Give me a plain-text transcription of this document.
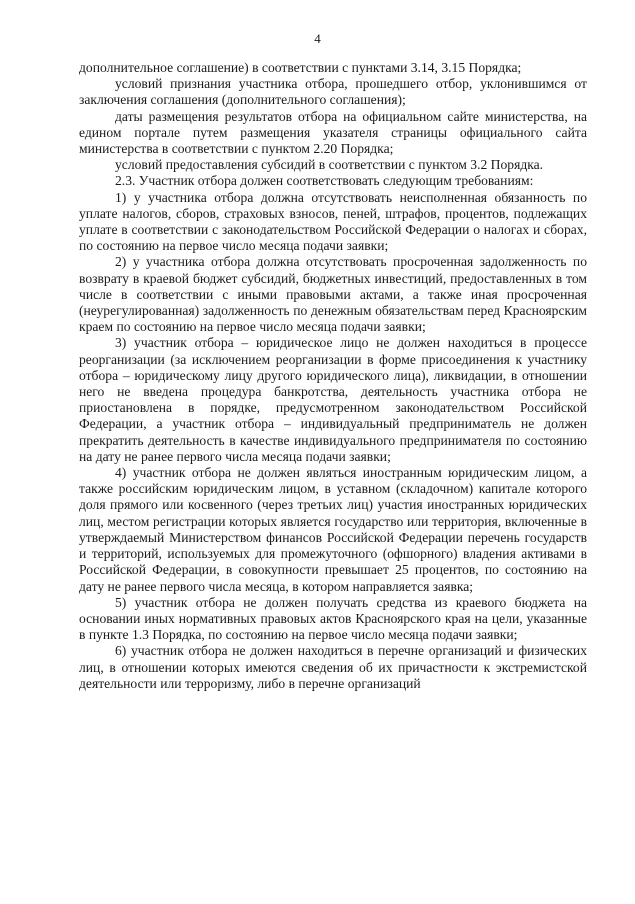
4

дополнительное соглашение) в соответствии с пунктами 3.14, 3.15 Порядка;

условий признания участника отбора, прошедшего отбор, уклонившимся от заключения соглашения (дополнительного соглашения);

даты размещения результатов отбора на официальном сайте министерства, на едином портале путем размещения указателя страницы официального сайта министерства в соответствии с пунктом 2.20 Порядка;

условий предоставления субсидий в соответствии с пунктом 3.2 Порядка.

2.3. Участник отбора должен соответствовать следующим требованиям:

1) у участника отбора должна отсутствовать неисполненная обязанность по уплате налогов, сборов, страховых взносов, пеней, штрафов, процентов, подлежащих уплате в соответствии с законодательством Российской Федерации о налогах и сборах, по состоянию на первое число месяца подачи заявки;

2) у участника отбора должна отсутствовать просроченная задолженность по возврату в краевой бюджет субсидий, бюджетных инвестиций, предоставленных в том числе в соответствии с иными правовыми актами, а также иная просроченная (неурегулированная) задолженность по денежным обязательствам перед Красноярским краем по состоянию на первое число месяца подачи заявки;

3) участник отбора – юридическое лицо не должен находиться в процессе реорганизации (за исключением реорганизации в форме присоединения к участнику отбора – юридическому лицу другого юридического лица), ликвидации, в отношении него не введена процедура банкротства, деятельность участника отбора не приостановлена в порядке, предусмотренном законодательством Российской Федерации, а участник отбора – индивидуальный предприниматель не должен прекратить деятельность в качестве индивидуального предпринимателя по состоянию на дату не ранее первого числа месяца подачи заявки;

4) участник отбора не должен являться иностранным юридическим лицом, а также российским юридическим лицом, в уставном (складочном) капитале которого доля прямого или косвенного (через третьих лиц) участия иностранных юридических лиц, местом регистрации которых является государство или территория, включенные в утверждаемый Министерством финансов Российской Федерации перечень государств и территорий, используемых для промежуточного (офшорного) владения активами в Российской Федерации, в совокупности превышает 25 процентов, по состоянию на дату не ранее первого числа месяца, в котором направляется заявка;

5) участник отбора не должен получать средства из краевого бюджета на основании иных нормативных правовых актов Красноярского края на цели, указанные в пункте 1.3 Порядка, по состоянию на первое число месяца подачи заявки;

6) участник отбора не должен находиться в перечне организаций и физических лиц, в отношении которых имеются сведения об их причастности к экстремистской деятельности или терроризму, либо в перечне организаций
